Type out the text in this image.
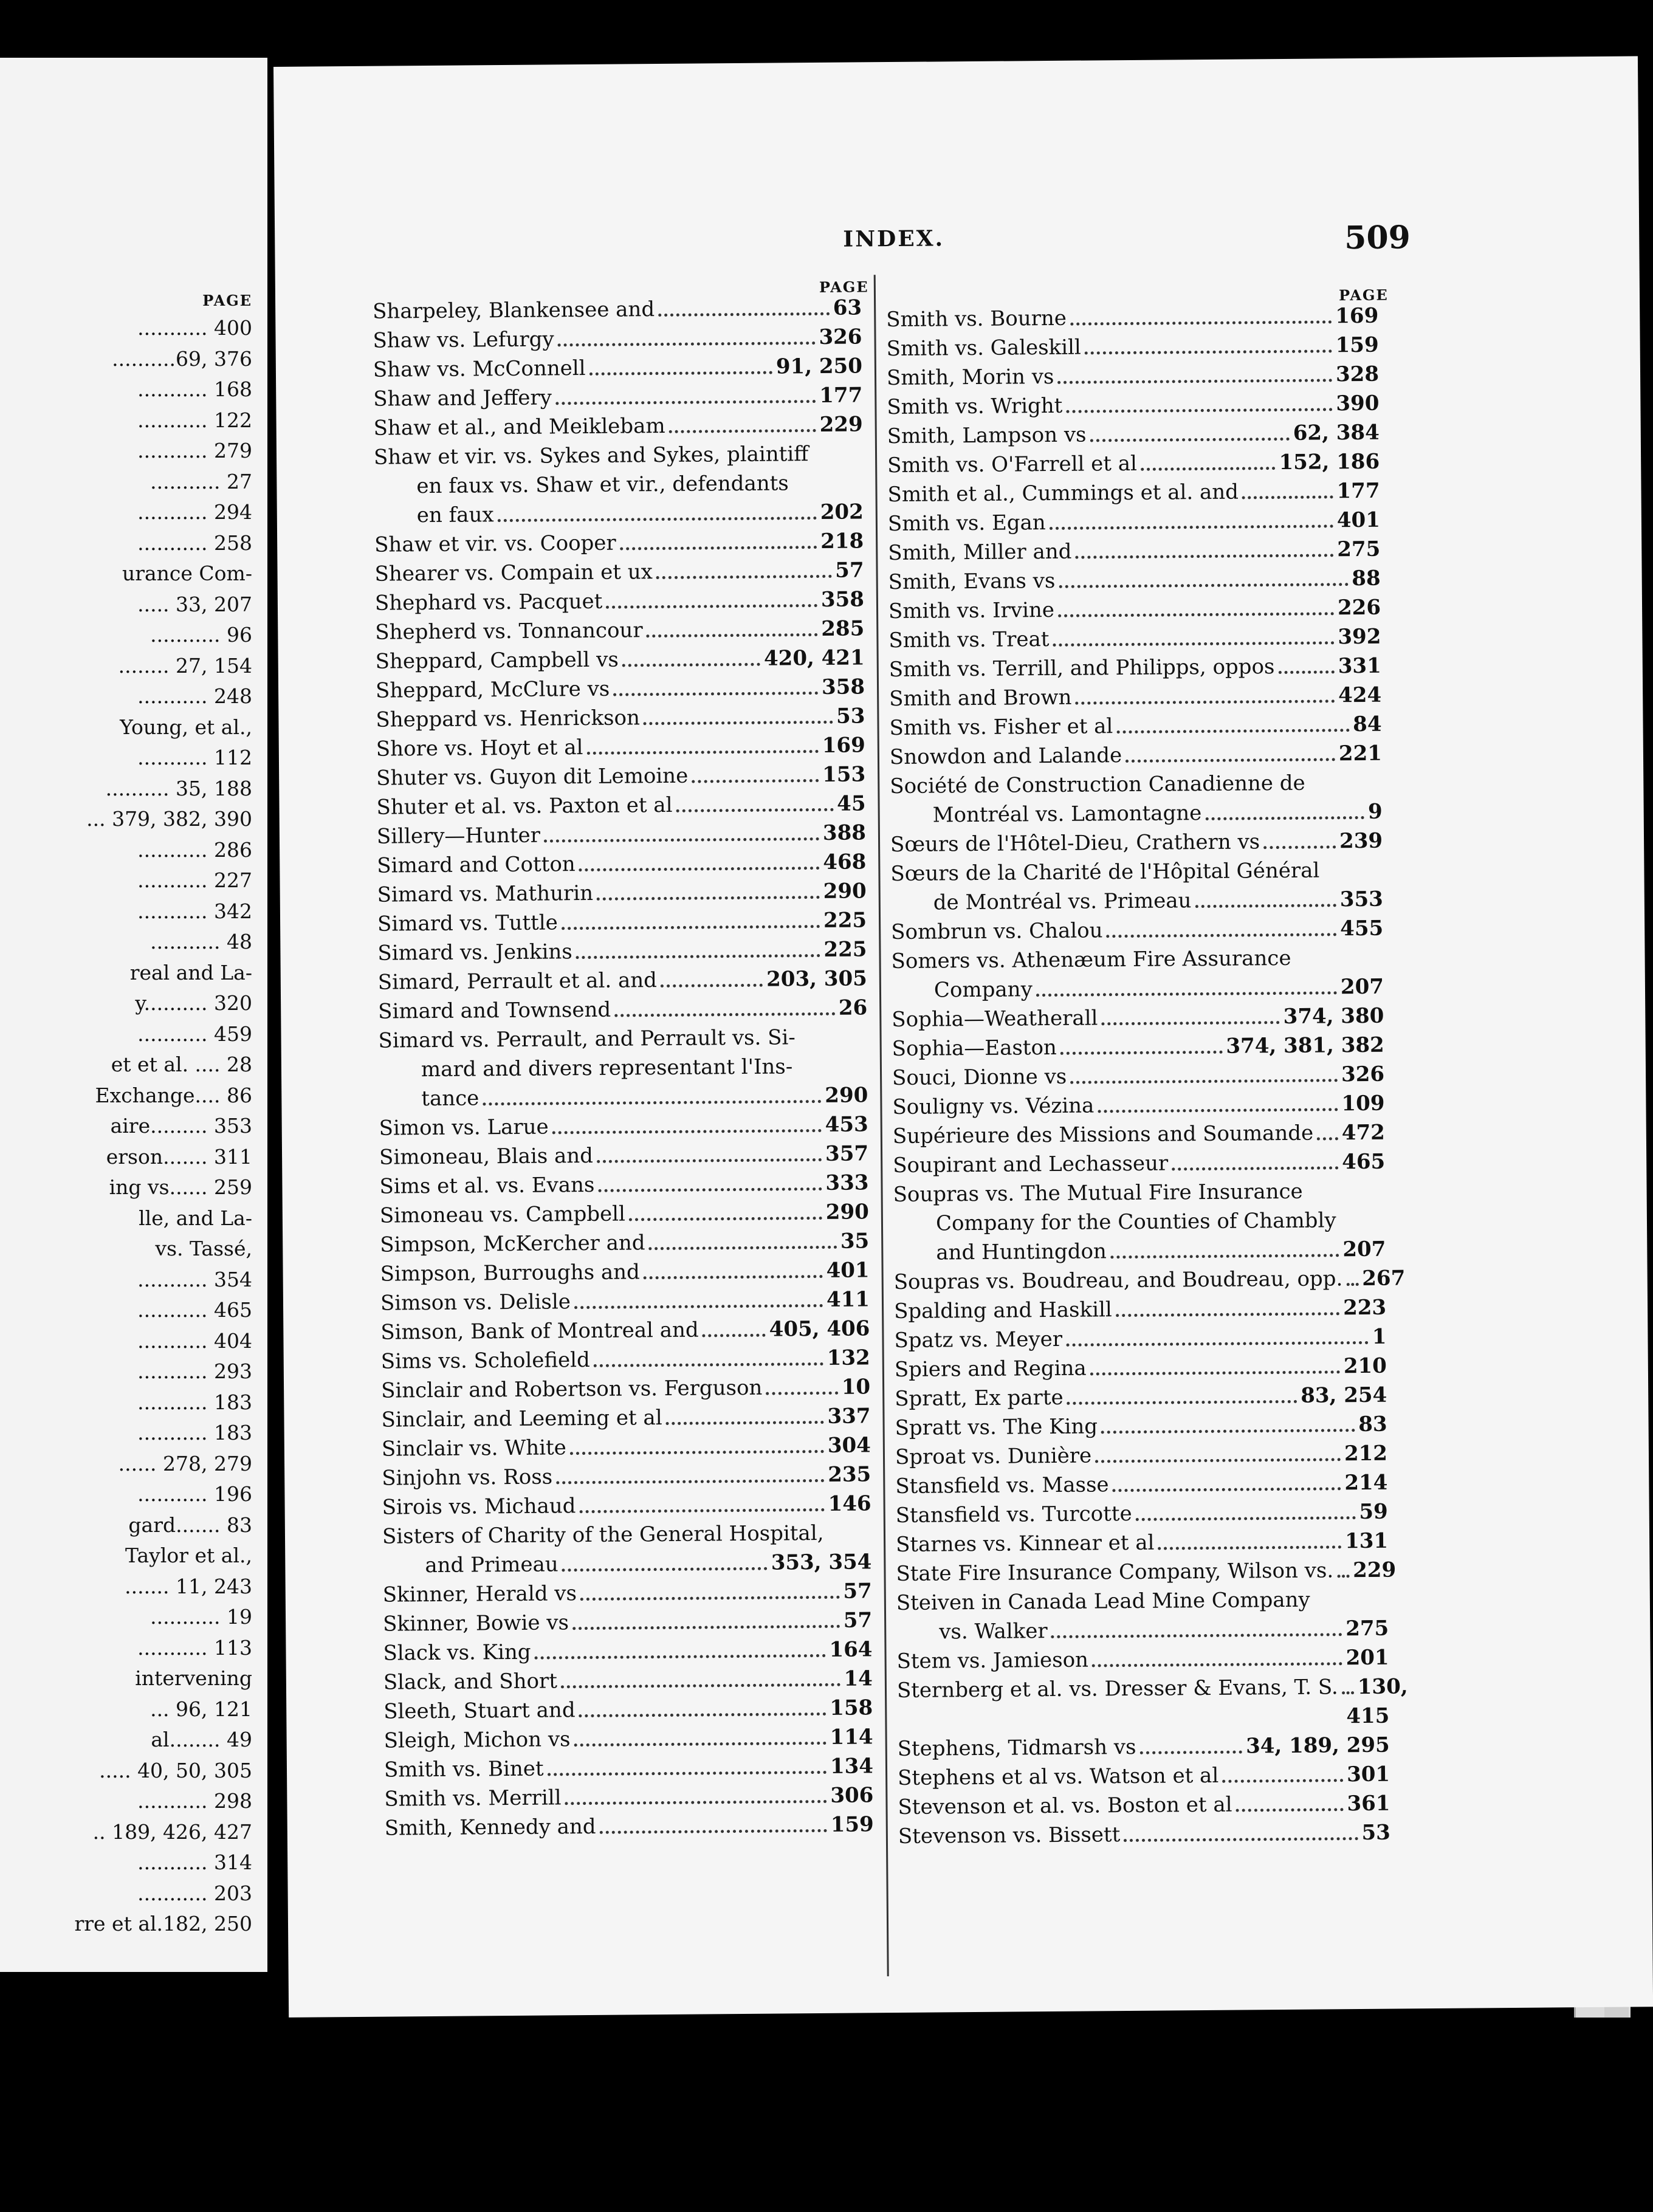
PAGE
........... 400
..........69, 376
........... 168
........... 122
........... 279
........... 27
........... 294
........... 258
urance Com-
..... 33, 207
........... 96
........ 27, 154
........... 248
Young, et al.,
........... 112
.......... 35, 188
... 379, 382, 390
........... 286
........... 227
........... 342
........... 48
real and La-
y.......... 320
........... 459
et et al. .... 28
Exchange.... 86
aire......... 353
erson....... 311
ing vs...... 259
lle, and La-
vs. Tassé,
........... 354
........... 465
........... 404
........... 293
........... 183
........... 183
...... 278, 279
........... 196
gard....... 83
Taylor et al.,
....... 11, 243
........... 19
........... 113
intervening
... 96, 121
al........ 49
..... 40, 50, 305
........... 298
.. 189, 426, 427
........... 314
........... 203
rre et al.182, 250
INDEX.	509
PAGE	PAGE
Sharpeley, Blankensee and	63
Shaw vs. Lefurgy	326
Shaw vs. McConnell	91, 250
Shaw and Jeffery	177
Shaw et al., and Meiklebam	229
Shaw et vir. vs. Sykes and Sykes, plaintiff
en faux vs. Shaw et vir., defendants
en faux	202
Shaw et vir. vs. Cooper	218
Shearer vs. Compain et ux	57
Shephard vs. Pacquet	358
Shepherd vs. Tonnancour	285
Sheppard, Campbell vs	420, 421
Sheppard, McClure vs	358
Sheppard vs. Henrickson	53
Shore vs. Hoyt et al	169
Shuter vs. Guyon dit Lemoine	153
Shuter et al. vs. Paxton et al	45
Sillery—Hunter	388
Simard and Cotton	468
Simard vs. Mathurin	290
Simard vs. Tuttle	225
Simard vs. Jenkins	225
Simard, Perrault et al. and	203, 305
Simard and Townsend	26
Simard vs. Perrault, and Perrault vs. Si-
mard and divers representant l'Ins-
tance	290
Simon vs. Larue	453
Simoneau, Blais and	357
Sims et al. vs. Evans	333
Simoneau vs. Campbell	290
Simpson, McKercher and	35
Simpson, Burroughs and	401
Simson vs. Delisle	411
Simson, Bank of Montreal and	405, 406
Sims vs. Scholefield	132
Sinclair and Robertson vs. Ferguson	10
Sinclair, and Leeming et al	337
Sinclair vs. White	304
Sinjohn vs. Ross	235
Sirois vs. Michaud	146
Sisters of Charity of the General Hospital,
and Primeau	353, 354
Skinner, Herald vs	57
Skinner, Bowie vs	57
Slack vs. King	164
Slack, and Short	14
Sleeth, Stuart and	158
Sleigh, Michon vs	114
Smith vs. Binet	134
Smith vs. Merrill	306
Smith, Kennedy and	159
Smith vs. Bourne	169
Smith vs. Galeskill	159
Smith, Morin vs	328
Smith vs. Wright	390
Smith, Lampson vs	62, 384
Smith vs. O'Farrell et al	152, 186
Smith et al., Cummings et al. and	177
Smith vs. Egan	401
Smith, Miller and	275
Smith, Evans vs	88
Smith vs. Irvine	226
Smith vs. Treat	392
Smith vs. Terrill, and Philipps, oppos	331
Smith and Brown	424
Smith vs. Fisher et al	84
Snowdon and Lalande	221
Société de Construction Canadienne de
Montréal vs. Lamontagne	9
Sœurs de l'Hôtel-Dieu, Crathern vs	239
Sœurs de la Charité de l'Hôpital Général
de Montréal vs. Primeau	353
Sombrun vs. Chalou	455
Somers vs. Athenæum Fire Assurance
Company	207
Sophia—Weatherall	374, 380
Sophia—Easton	374, 381, 382
Souci, Dionne vs	326
Souligny vs. Vézina	109
Supérieure des Missions and Soumande 472
Soupirant and Lechasseur	465
Soupras vs. The Mutual Fire Insurance
Company for the Counties of Chambly
and Huntingdon	207
Soupras vs. Boudreau, and Boudreau, opp. 267
Spalding and Haskill	223
Spatz vs. Meyer	1
Spiers and Regina	210
Spratt, Ex parte	83, 254
Spratt vs. The King	83
Sproat vs. Dunière	212
Stansfield vs. Masse	214
Stansfield vs. Turcotte	59
Starnes vs. Kinnear et al	131
State Fire Insurance Company, Wilson vs. 229
Steiven in Canada Lead Mine Company
vs. Walker	275
Stem vs. Jamieson	201
Sternberg et al. vs. Dresser & Evans, T. S. 130,
415
Stephens, Tidmarsh vs	34, 189, 295
Stephens et al vs. Watson et al	301
Stevenson et al. vs. Boston et al	361
Stevenson vs. Bissett	53
